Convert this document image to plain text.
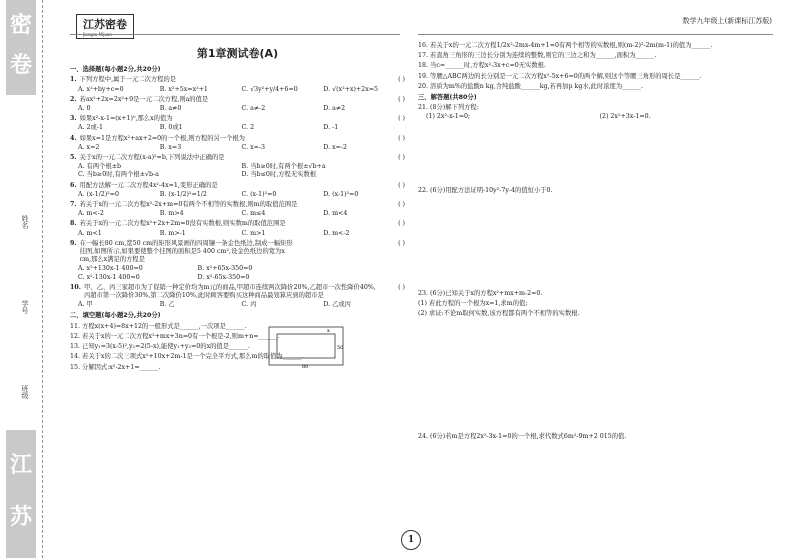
密
卷
姓名
学号
班级
江
苏
江苏密卷	数学九年级上(新课标江苏版)
第1章测试卷(A)
一、选择题(每小题2分,共20分)
1. 下列方程中,属于一元二次方程的是	( )
A. x²+by+c=0	B. x²+5x=x²+1	C. √3y²+y/4+6=0	D. √(x²+x)+2x=5
2. 若ax²+2x=2x²+9是一元二次方程,则a的值是	( )
A. 0	B. a≠0	C. a≠-2	D. a≠2
3. 如果x²-x-1=(x+1)⁰,那么x的值为	( )
A. 2或-1	B. 0或1	C. 2	D. -1
4. 如果x=1是方程x²+ax+2=0的一个根,则方程的另一个根为	( )
A. x=2	B. x=3	C. x=-3	D. x=-2
5. 关于x的一元二次方程(x-a)²=b,下列说法中正确的是	( )
A. 有两个根±b	B. 当b≥0时,有两个根±√b+a
C. 当b≥0时,有两个根±√b-a	D. 当b≤0时,方程无实数根
6. 用配方法解一元二次方程4x²-4x=1,变形正确的是	( )
A. (x-1/2)²=0	B. (x-1/2)²=1/2	C. (x-1)²=0	D. (x-1)²=0
7. 若关于x的一元二次方程x²-2x+m=0有两个不相等的实数根,则m的取值范围是	( )
A. m<-2	B. m>4	C. m≤4	D. m<4
8. 若关于x的一元二次方程x²+2x+2m=0没有实数根,则实数m的取值范围是	( )
A. m<1	B. m>-1	C. m>1	D. m<-2
9. 在一幅长80 cm,宽50 cm的矩形风景画的四周镶一条金色纸边,制成一幅矩形挂图,如图所示,如果要使整个挂图的面积是5 400 cm²,设金色纸边的宽为x cm,那么x满足的方程是
( )
A. x²+130x-1 400=0	B. x²+65x-350=0
C. x²-130x-1 400=0	D. x²-65x-350=0
10. 甲、乙、丙三家超市为了促销一种定价均为m元的商品,甲超市连续两次降价20%,乙超市一次性降价40%,丙超市第一次降价30%,第二次降价10%,此时顾客要购买这种商品最划算应到的超市是
( )
A. 甲	B. 乙	C. 丙	D. 乙或丙
二、填空题(每小题2分,共20分)
11. 方程x(x+4)=8x+12的一般形式是______,一次项是______.
12. 若关于x的一元二次方程x²+mx+3n=0有一个根是-2,则m+n=______.
13. 已知y₁=3(x-5)²,y₂=2(5-x),能使y₁+y₂=0的x的值是______.
14. 若关于x的二次三项式x²+10x+2m-1是一个完全平方式,那么m的取值为______.
15. 分解因式:x²-2x+1=______.
x
50
80
16. 若关于x的一元二次方程1/2x²-2mx-4m+1=0有两个相等的实数根,则(m-2)²-2m(m-1)的值为______.
17. 若直角三角形的三边长分别为连续的整数,则它的三边之和为______,面积为______.
18. 当c=______时,方程x²-3x+c=0无实数根.
19. 等腰△ABC两边的长分别是一元二次方程x²-5x+6=0的两个解,则这个等腰三角形的周长是______.
20. 溶质为m%的盐酸n kg,含纯盐酸______kg,若再加p kg水,此时浓度为______.
三、解答题(共80分)
21. (8分)解下列方程:
(1) 2x²-x-1=0;	(2) 2x²+3x-1=0.
22. (6分)用配方法证明-10y²-7y-4的值恒小于0.
23. (6分)已知关于x的方程x²+mx+m-2=0.
(1) 若此方程的一个根为x=1,求m的值;
(2) 求证:不论m取何实数,该方程都有两个不相等的实数根.
24. (6分)若m是方程2x²-3x-1=0的一个根,求代数式6m²-9m+2 015的值.
1
